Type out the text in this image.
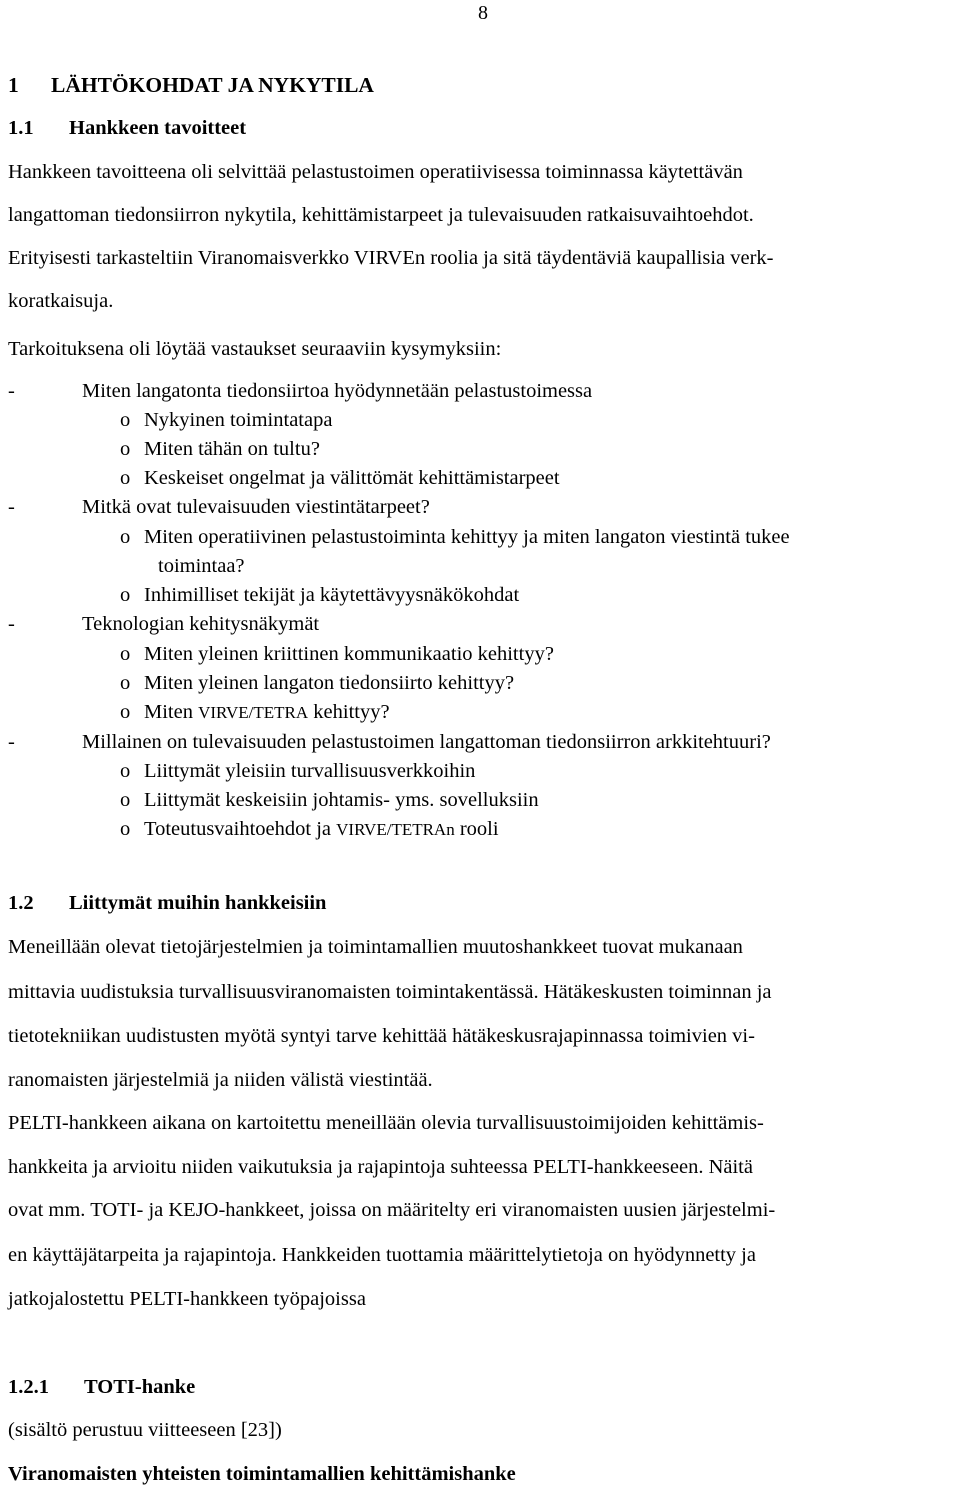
8
1 LÄHTÖKOHDAT JA NYKYTILA
1.1 Hankkeen tavoitteet
Hankkeen tavoitteena oli selvittää pelastustoimen operatiivisessa toiminnassa käytettävän
langattoman tiedonsiirron nykytila, kehittämistarpeet ja tulevaisuuden ratkaisuvaihtoehdot.
Erityisesti tarkasteltiin Viranomaisverkko VIRVEn roolia ja sitä täydentäviä kaupallisia verk-
koratkaisuja.
Tarkoituksena oli löytää vastaukset seuraaviin kysymyksiin:
-	Miten langatonta tiedonsiirtoa hyödynnetään pelastustoimessa
o Nykyinen toimintatapa
o Miten tähän on tultu?
o Keskeiset ongelmat ja välittömät kehittämistarpeet
-	Mitkä ovat tulevaisuuden viestintätarpeet?
o Miten operatiivinen pelastustoiminta kehittyy ja miten langaton viestintä tukee
toimintaa?
o Inhimilliset tekijät ja käytettävyysnäkökohdat
-	Teknologian kehitysnäkymät
o Miten yleinen kriittinen kommunikaatio kehittyy?
o Miten yleinen langaton tiedonsiirto kehittyy?
o Miten VIRVE/TETRA kehittyy?
-	Millainen on tulevaisuuden pelastustoimen langattoman tiedonsiirron arkkitehtuuri?
o Liittymät yleisiin turvallisuusverkkoihin
o Liittymät keskeisiin johtamis- yms. sovelluksiin
o Toteutusvaihtoehdot ja VIRVE/TETRAn rooli
1.2 Liittymät muihin hankkeisiin
Meneillään olevat tietojärjestelmien ja toimintamallien muutoshankkeet tuovat mukanaan
mittavia uudistuksia turvallisuusviranomaisten toimintakentässä. Hätäkeskusten toiminnan ja
tietotekniikan uudistusten myötä syntyi tarve kehittää hätäkeskusrajapinnassa toimivien vi-
ranomaisten järjestelmiä ja niiden välistä viestintää.
PELTI-hankkeen aikana on kartoitettu meneillään olevia turvallisuustoimijoiden kehittämis-
hankkeita ja arvioitu niiden vaikutuksia ja rajapintoja suhteessa PELTI-hankkeeseen. Näitä
ovat mm. TOTI- ja KEJO-hankkeet, joissa on määritelty eri viranomaisten uusien järjestelmi-
en käyttäjätarpeita ja rajapintoja. Hankkeiden tuottamia määrittelytietoja on hyödynnetty ja
jatkojalostettu PELTI-hankkeen työpajoissa
1.2.1 TOTI-hanke
(sisältö perustuu viitteeseen [23])
Viranomaisten yhteisten toimintamallien kehittämishanke
